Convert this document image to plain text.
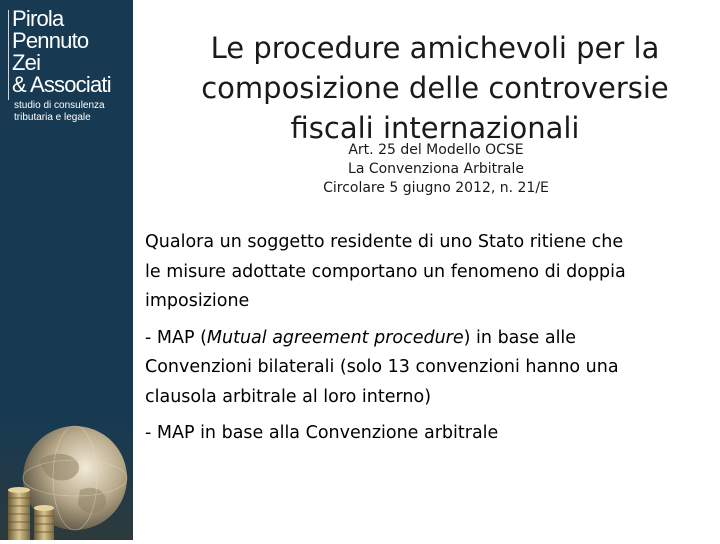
Pirola
Pennuto
Zei
& Associati
studio di consulenza
tributaria e legale
Le procedure amichevoli per la
composizione delle controversie
fiscali internazionali
Art. 25 del Modello OCSE
La Convenziona Arbitrale
Circolare 5 giugno 2012, n. 21/E

Qualora un soggetto residente di uno Stato ritiene che
le misure adottate comportano un fenomeno di doppia
imposizione

- MAP (Mutual agreement procedure) in base alle
Convenzioni bilaterali (solo 13 convenzioni hanno una
clausola arbitrale al loro interno)

- MAP in base alla Convenzione arbitrale
